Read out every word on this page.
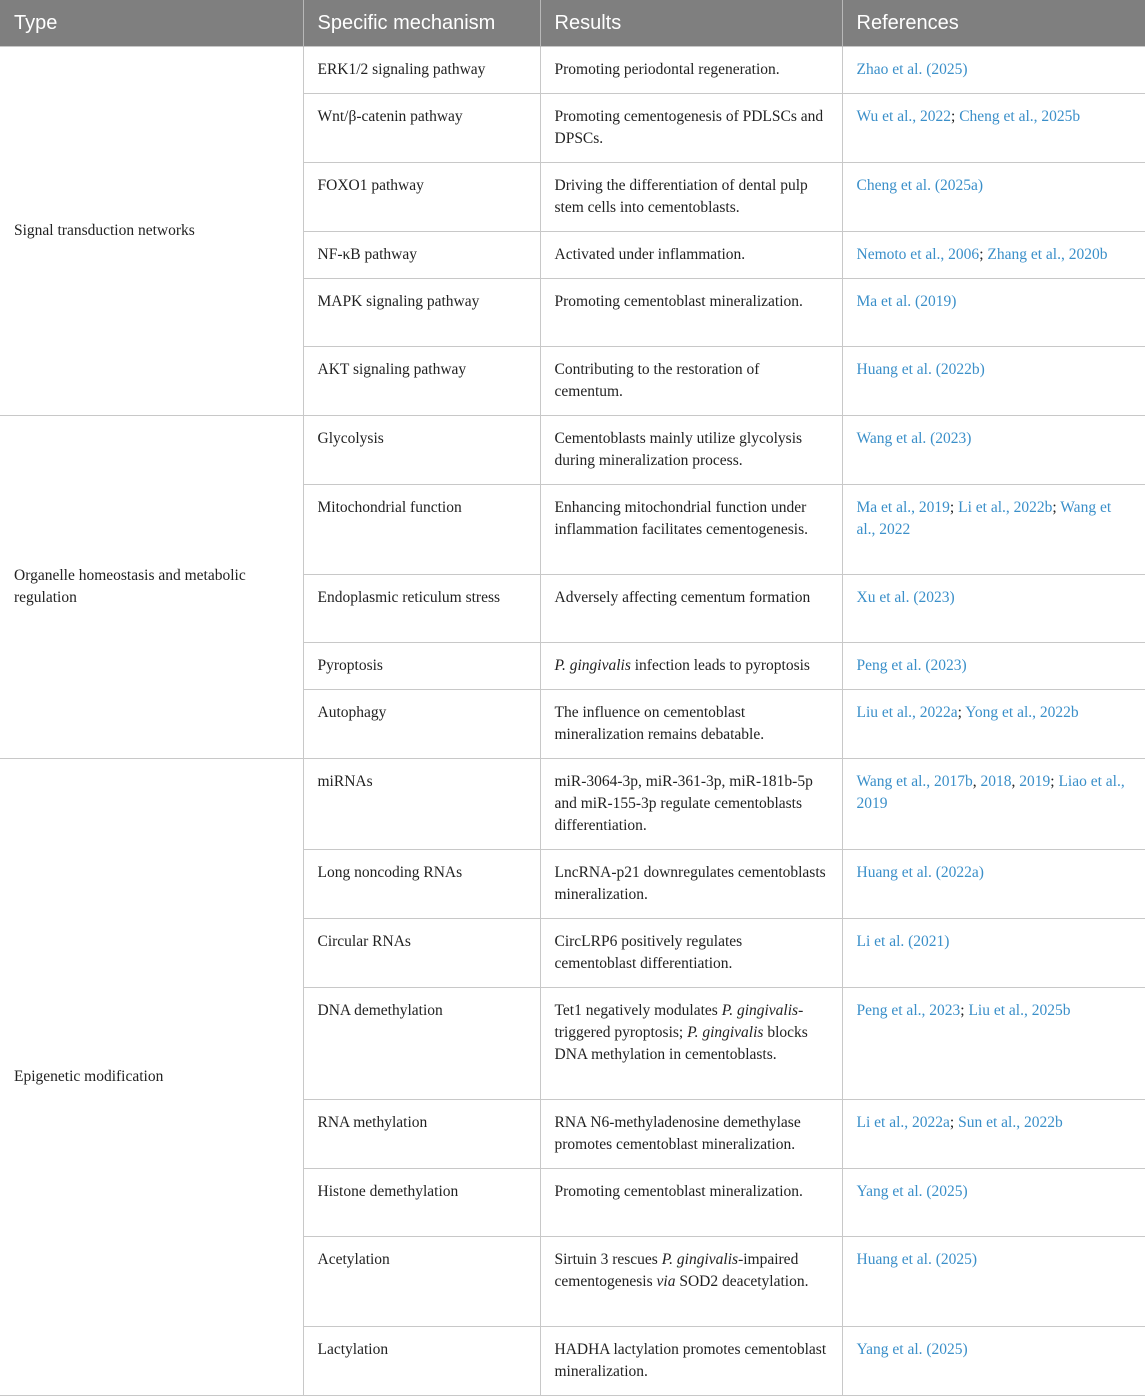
Type	Specific mechanism	Results	References
Signal transduction networks	ERK1/2 signaling pathway	Promoting periodontal regeneration.	Zhao et al. (2025)
	Wnt/β-catenin pathway	Promoting cementogenesis of PDLSCs and DPSCs.	Wu et al., 2022; Cheng et al., 2025b
	FOXO1 pathway	Driving the differentiation of dental pulp stem cells into cementoblasts.	Cheng et al. (2025a)
	NF-κB pathway	Activated under inflammation.	Nemoto et al., 2006; Zhang et al., 2020b
	MAPK signaling pathway	Promoting cementoblast mineralization.	Ma et al. (2019)
	AKT signaling pathway	Contributing to the restoration of cementum.	Huang et al. (2022b)
Organelle homeostasis and metabolic regulation	Glycolysis	Cementoblasts mainly utilize glycolysis during mineralization process.	Wang et al. (2023)
	Mitochondrial function	Enhancing mitochondrial function under inflammation facilitates cementogenesis.	Ma et al., 2019; Li et al., 2022b; Wang et al., 2022
	Endoplasmic reticulum stress	Adversely affecting cementum formation	Xu et al. (2023)
	Pyroptosis	P. gingivalis infection leads to pyroptosis	Peng et al. (2023)
	Autophagy	The influence on cementoblast mineralization remains debatable.	Liu et al., 2022a; Yong et al., 2022b
Epigenetic modification	miRNAs	miR-3064-3p, miR-361-3p, miR-181b-5p and miR-155-3p regulate cementoblasts differentiation.	Wang et al., 2017b, 2018, 2019; Liao et al., 2019
	Long noncoding RNAs	LncRNA-p21 downregulates cementoblasts mineralization.	Huang et al. (2022a)
	Circular RNAs	CircLRP6 positively regulates cementoblast differentiation.	Li et al. (2021)
	DNA demethylation	Tet1 negatively modulates P. gingivalis-triggered pyroptosis; P. gingivalis blocks DNA methylation in cementoblasts.	Peng et al., 2023; Liu et al., 2025b
	RNA methylation	RNA N6-methyladenosine demethylase promotes cementoblast mineralization.	Li et al., 2022a; Sun et al., 2022b
	Histone demethylation	Promoting cementoblast mineralization.	Yang et al. (2025)
	Acetylation	Sirtuin 3 rescues P. gingivalis-impaired cementogenesis via SOD2 deacetylation.	Huang et al. (2025)
	Lactylation	HADHA lactylation promotes cementoblast mineralization.	Yang et al. (2025)
